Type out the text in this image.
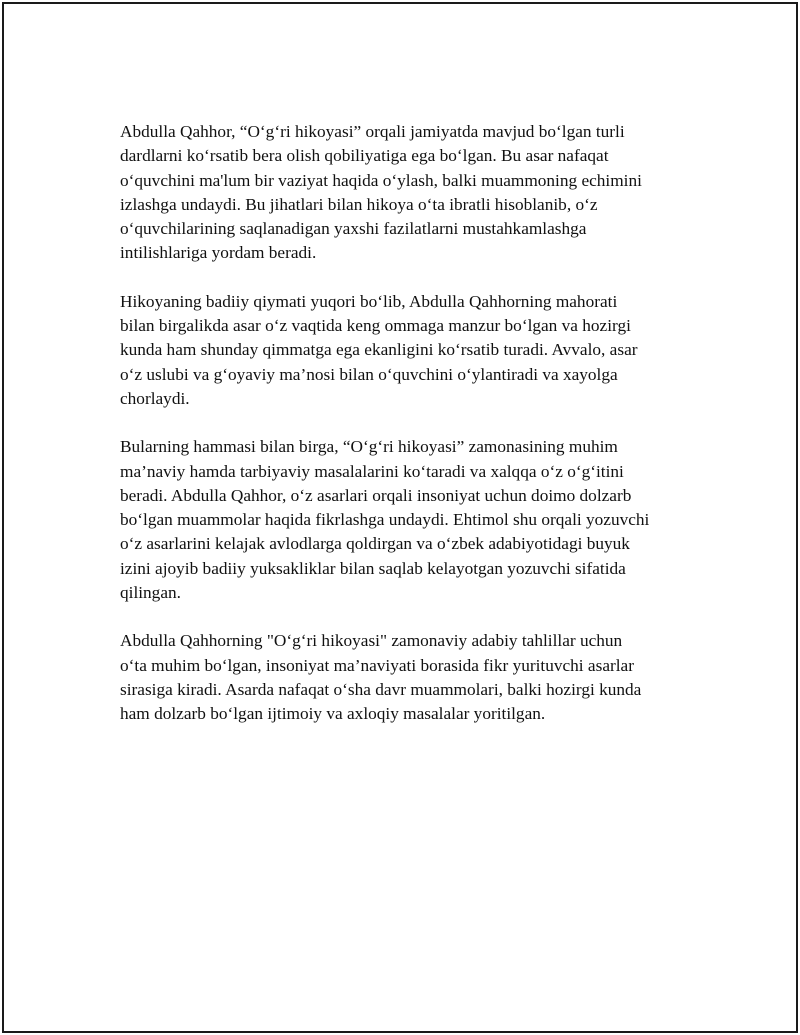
Abdulla Qahhor, “O‘g‘ri hikoyasi” orqali jamiyatda mavjud bo‘lgan turli
dardlarni ko‘rsatib bera olish qobiliyatiga ega bo‘lgan. Bu asar nafaqat
o‘quvchini ma'lum bir vaziyat haqida o‘ylash, balki muammoning echimini
izlashga undaydi. Bu jihatlari bilan hikoya o‘ta ibratli hisoblanib, o‘z
o‘quvchilarining saqlanadigan yaxshi fazilatlarni mustahkamlashga
intilishlariga yordam beradi.

Hikoyaning badiiy qiymati yuqori bo‘lib, Abdulla Qahhorning mahorati
bilan birgalikda asar o‘z vaqtida keng ommaga manzur bo‘lgan va hozirgi
kunda ham shunday qimmatga ega ekanligini ko‘rsatib turadi. Avvalo, asar
o‘z uslubi va g‘oyaviy ma’nosi bilan o‘quvchini o‘ylantiradi va xayolga
chorlaydi.

Bularning hammasi bilan birga, “O‘g‘ri hikoyasi” zamonasining muhim
ma’naviy hamda tarbiyaviy masalalarini ko‘taradi va xalqqa o‘z o‘g‘itini
beradi. Abdulla Qahhor, o‘z asarlari orqali insoniyat uchun doimo dolzarb
bo‘lgan muammolar haqida fikrlashga undaydi. Ehtimol shu orqali yozuvchi
o‘z asarlarini kelajak avlodlarga qoldirgan va o‘zbek adabiyotidagi buyuk
izini ajoyib badiiy yuksakliklar bilan saqlab kelayotgan yozuvchi sifatida
qilingan.

Abdulla Qahhorning "O‘g‘ri hikoyasi" zamonaviy adabiy tahlillar uchun
o‘ta muhim bo‘lgan, insoniyat ma’naviyati borasida fikr yurituvchi asarlar
sirasiga kiradi. Asarda nafaqat o‘sha davr muammolari, balki hozirgi kunda
ham dolzarb bo‘lgan ijtimoiy va axloqiy masalalar yoritilgan.
